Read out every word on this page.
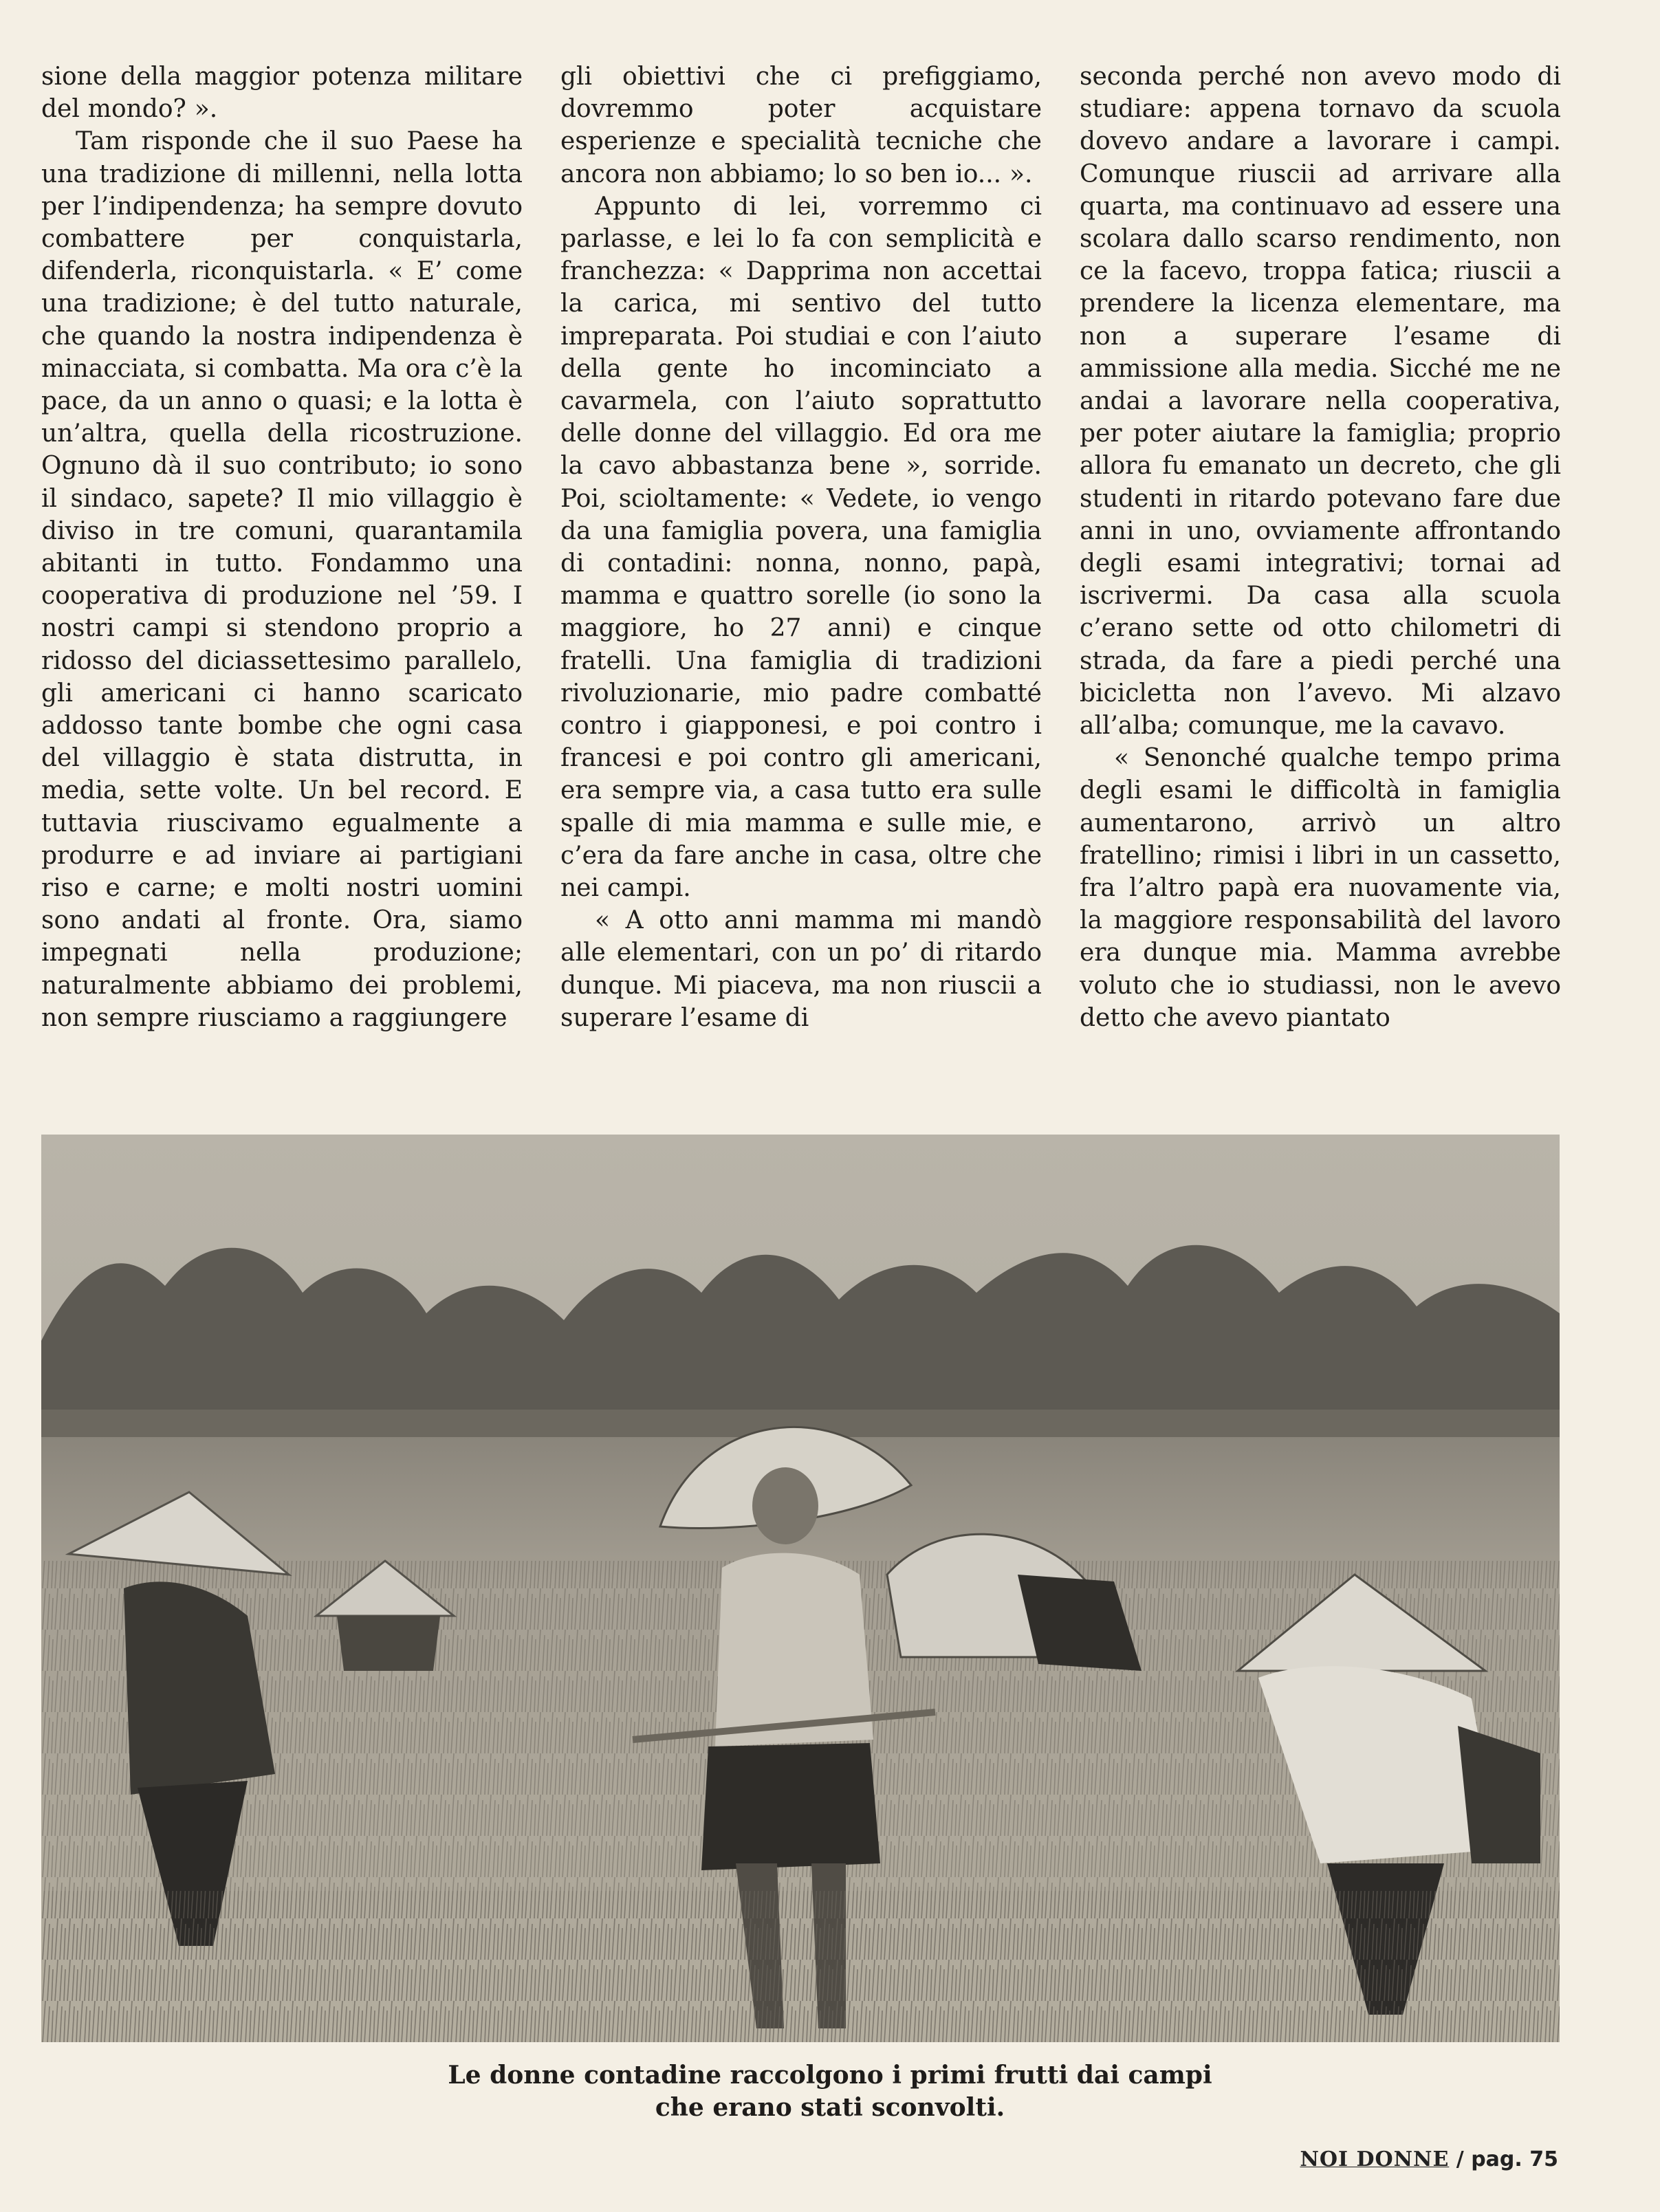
sione della maggior potenza militare del mondo? ».

Tam risponde che il suo Paese ha una tradizione di millenni, nella lotta per l’indipendenza; ha sempre dovuto combattere per conquistarla, difenderla, riconquistarla. « E’ come una tradizione; è del tutto naturale, che quando la nostra indipendenza è minacciata, si combatta. Ma ora c’è la pace, da un anno o quasi; e la lotta è un’altra, quella della ricostruzione. Ognuno dà il suo contributo; io sono il sindaco, sapete? Il mio villaggio è diviso in tre comuni, quarantamila abitanti in tutto. Fondammo una cooperativa di produzione nel ’59. I nostri campi si stendono proprio a ridosso del diciassettesimo parallelo, gli americani ci hanno scaricato addosso tante bombe che ogni casa del villaggio è stata distrutta, in media, sette volte. Un bel record. E tuttavia riuscivamo egualmente a produrre e ad inviare ai partigiani riso e carne; e molti nostri uomini sono andati al fronte. Ora, siamo impegnati nella produzione; naturalmente abbiamo dei problemi, non sempre riusciamo a raggiungere

gli obiettivi che ci prefiggiamo, dovremmo poter acquistare esperienze e specialità tecniche che ancora non abbiamo; lo so ben io... ».

Appunto di lei, vorremmo ci parlasse, e lei lo fa con semplicità e franchezza: « Dapprima non accettai la carica, mi sentivo del tutto impreparata. Poi studiai e con l’aiuto della gente ho incominciato a cavarmela, con l’aiuto soprattutto delle donne del villaggio. Ed ora me la cavo abbastanza bene », sorride. Poi, scioltamente: « Vedete, io vengo da una famiglia povera, una famiglia di contadini: nonna, nonno, papà, mamma e quattro sorelle (io sono la maggiore, ho 27 anni) e cinque fratelli. Una famiglia di tradizioni rivoluzionarie, mio padre combatté contro i giapponesi, e poi contro i francesi e poi contro gli americani, era sempre via, a casa tutto era sulle spalle di mia mamma e sulle mie, e c’era da fare anche in casa, oltre che nei campi.

« A otto anni mamma mi mandò alle elementari, con un po’ di ritardo dunque. Mi piaceva, ma non riuscii a superare l’esame di

seconda perché non avevo modo di studiare: appena tornavo da scuola dovevo andare a lavorare i campi. Comunque riuscii ad arrivare alla quarta, ma continuavo ad essere una scolara dallo scarso rendimento, non ce la facevo, troppa fatica; riuscii a prendere la licenza elementare, ma non a superare l’esame di ammissione alla media. Sicché me ne andai a lavorare nella cooperativa, per poter aiutare la famiglia; proprio allora fu emanato un decreto, che gli studenti in ritardo potevano fare due anni in uno, ovviamente affrontando degli esami integrativi; tornai ad iscrivermi. Da casa alla scuola c’erano sette od otto chilometri di strada, da fare a piedi perché una bicicletta non l’avevo. Mi alzavo all’alba; comunque, me la cavavo.

« Senonché qualche tempo prima degli esami le difficoltà in famiglia aumentarono, arrivò un altro fratellino; rimisi i libri in un cassetto, fra l’altro papà era nuovamente via, la maggiore responsabilità del lavoro era dunque mia. Mamma avrebbe voluto che io studiassi, non le avevo detto che avevo piantato

Le donne contadine raccolgono i primi frutti dai campi
che erano stati sconvolti.
NOI DONNE / pag. 75
